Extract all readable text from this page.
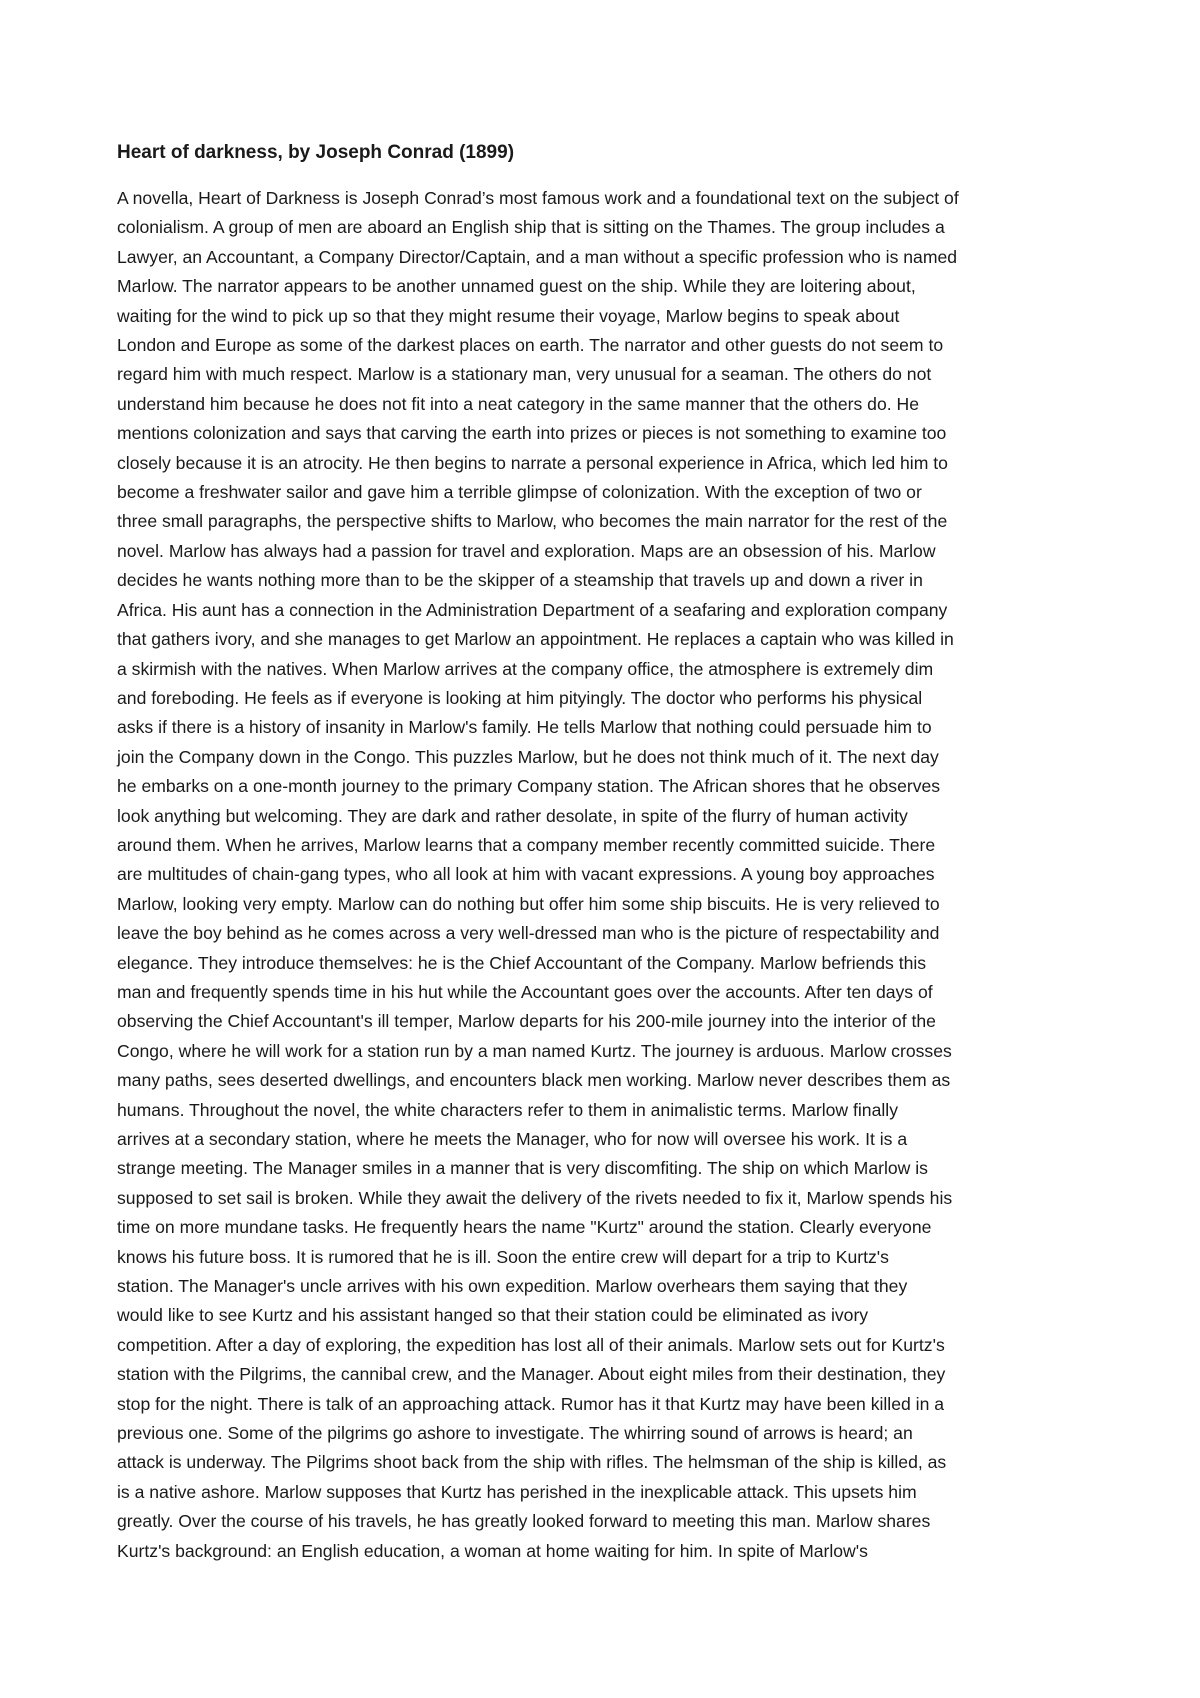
Heart of darkness, by Joseph Conrad (1899)
A novella, Heart of Darkness is Joseph Conrad’s most famous work and a foundational text on the subject of
colonialism. A group of men are aboard an English ship that is sitting on the Thames. The group includes a
Lawyer, an Accountant, a Company Director/Captain, and a man without a specific profession who is named
Marlow. The narrator appears to be another unnamed guest on the ship. While they are loitering about,
waiting for the wind to pick up so that they might resume their voyage, Marlow begins to speak about
London and Europe as some of the darkest places on earth. The narrator and other guests do not seem to
regard him with much respect. Marlow is a stationary man, very unusual for a seaman. The others do not
understand him because he does not fit into a neat category in the same manner that the others do. He
mentions colonization and says that carving the earth into prizes or pieces is not something to examine too
closely because it is an atrocity. He then begins to narrate a personal experience in Africa, which led him to
become a freshwater sailor and gave him a terrible glimpse of colonization. With the exception of two or
three small paragraphs, the perspective shifts to Marlow, who becomes the main narrator for the rest of the
novel. Marlow has always had a passion for travel and exploration. Maps are an obsession of his. Marlow
decides he wants nothing more than to be the skipper of a steamship that travels up and down a river in
Africa. His aunt has a connection in the Administration Department of a seafaring and exploration company
that gathers ivory, and she manages to get Marlow an appointment. He replaces a captain who was killed in
a skirmish with the natives. When Marlow arrives at the company office, the atmosphere is extremely dim
and foreboding. He feels as if everyone is looking at him pityingly. The doctor who performs his physical
asks if there is a history of insanity in Marlow's family. He tells Marlow that nothing could persuade him to
join the Company down in the Congo. This puzzles Marlow, but he does not think much of it. The next day
he embarks on a one-month journey to the primary Company station. The African shores that he observes
look anything but welcoming. They are dark and rather desolate, in spite of the flurry of human activity
around them. When he arrives, Marlow learns that a company member recently committed suicide. There
are multitudes of chain-gang types, who all look at him with vacant expressions. A young boy approaches
Marlow, looking very empty. Marlow can do nothing but offer him some ship biscuits. He is very relieved to
leave the boy behind as he comes across a very well-dressed man who is the picture of respectability and
elegance. They introduce themselves: he is the Chief Accountant of the Company. Marlow befriends this
man and frequently spends time in his hut while the Accountant goes over the accounts. After ten days of
observing the Chief Accountant's ill temper, Marlow departs for his 200-mile journey into the interior of the
Congo, where he will work for a station run by a man named Kurtz. The journey is arduous. Marlow crosses
many paths, sees deserted dwellings, and encounters black men working. Marlow never describes them as
humans. Throughout the novel, the white characters refer to them in animalistic terms. Marlow finally
arrives at a secondary station, where he meets the Manager, who for now will oversee his work. It is a
strange meeting. The Manager smiles in a manner that is very discomfiting. The ship on which Marlow is
supposed to set sail is broken. While they await the delivery of the rivets needed to fix it, Marlow spends his
time on more mundane tasks. He frequently hears the name "Kurtz" around the station. Clearly everyone
knows his future boss. It is rumored that he is ill. Soon the entire crew will depart for a trip to Kurtz's
station. The Manager's uncle arrives with his own expedition. Marlow overhears them saying that they
would like to see Kurtz and his assistant hanged so that their station could be eliminated as ivory
competition. After a day of exploring, the expedition has lost all of their animals. Marlow sets out for Kurtz's
station with the Pilgrims, the cannibal crew, and the Manager. About eight miles from their destination, they
stop for the night. There is talk of an approaching attack. Rumor has it that Kurtz may have been killed in a
previous one. Some of the pilgrims go ashore to investigate. The whirring sound of arrows is heard; an
attack is underway. The Pilgrims shoot back from the ship with rifles. The helmsman of the ship is killed, as
is a native ashore. Marlow supposes that Kurtz has perished in the inexplicable attack. This upsets him
greatly. Over the course of his travels, he has greatly looked forward to meeting this man. Marlow shares
Kurtz's background: an English education, a woman at home waiting for him. In spite of Marlow's
